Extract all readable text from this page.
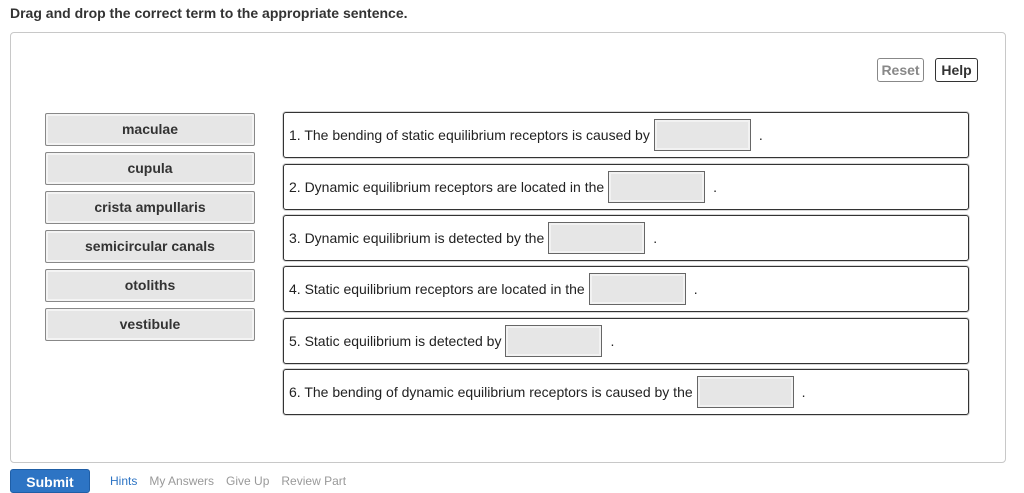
Drag and drop the correct term to the appropriate sentence.
Reset	Help
maculae
cupula
crista ampullaris
semicircular canals
otoliths
vestibule
1. The bending of static equilibrium receptors is caused by	.
2. Dynamic equilibrium receptors are located in the	.
3. Dynamic equilibrium is detected by the	.
4. Static equilibrium receptors are located in the	.
5. Static equilibrium is detected by	.
6. The bending of dynamic equilibrium receptors is caused by the	.
Submit	Hints My Answers Give Up Review Part
